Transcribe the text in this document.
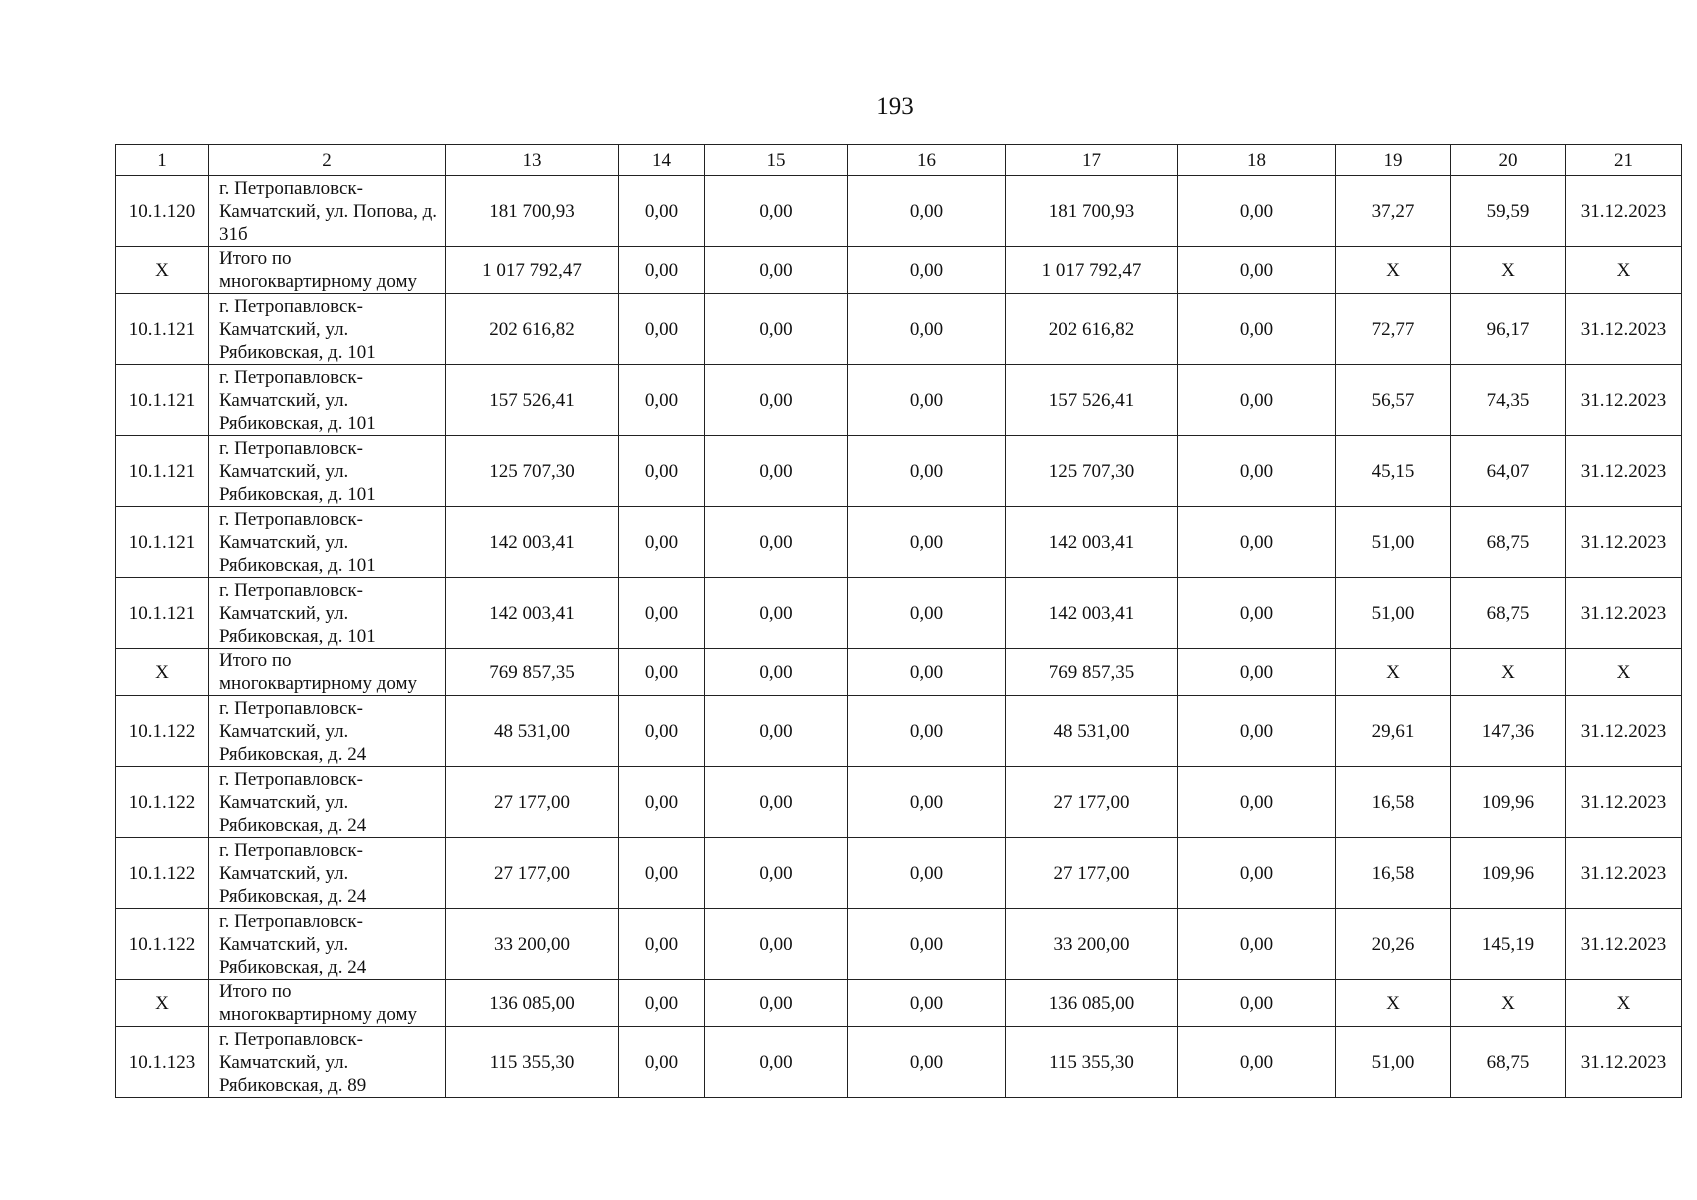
193
1	2	13	14	15	16	17	18	19	20	21
10.1.120	г. Петропавловск-Камчатский, ул. Попова, д. 31б	181 700,93	0,00	0,00	0,00	181 700,93	0,00	37,27	59,59	31.12.2023
X	Итого по многоквартирному дому	1 017 792,47	0,00	0,00	0,00	1 017 792,47	0,00	X	X	X
10.1.121	г. Петропавловск-Камчатский, ул. Рябиковская, д. 101	202 616,82	0,00	0,00	0,00	202 616,82	0,00	72,77	96,17	31.12.2023
10.1.121	г. Петропавловск-Камчатский, ул. Рябиковская, д. 101	157 526,41	0,00	0,00	0,00	157 526,41	0,00	56,57	74,35	31.12.2023
10.1.121	г. Петропавловск-Камчатский, ул. Рябиковская, д. 101	125 707,30	0,00	0,00	0,00	125 707,30	0,00	45,15	64,07	31.12.2023
10.1.121	г. Петропавловск-Камчатский, ул. Рябиковская, д. 101	142 003,41	0,00	0,00	0,00	142 003,41	0,00	51,00	68,75	31.12.2023
10.1.121	г. Петропавловск-Камчатский, ул. Рябиковская, д. 101	142 003,41	0,00	0,00	0,00	142 003,41	0,00	51,00	68,75	31.12.2023
X	Итого по многоквартирному дому	769 857,35	0,00	0,00	0,00	769 857,35	0,00	X	X	X
10.1.122	г. Петропавловск-Камчатский, ул. Рябиковская, д. 24	48 531,00	0,00	0,00	0,00	48 531,00	0,00	29,61	147,36	31.12.2023
10.1.122	г. Петропавловск-Камчатский, ул. Рябиковская, д. 24	27 177,00	0,00	0,00	0,00	27 177,00	0,00	16,58	109,96	31.12.2023
10.1.122	г. Петропавловск-Камчатский, ул. Рябиковская, д. 24	27 177,00	0,00	0,00	0,00	27 177,00	0,00	16,58	109,96	31.12.2023
10.1.122	г. Петропавловск-Камчатский, ул. Рябиковская, д. 24	33 200,00	0,00	0,00	0,00	33 200,00	0,00	20,26	145,19	31.12.2023
X	Итого по многоквартирному дому	136 085,00	0,00	0,00	0,00	136 085,00	0,00	X	X	X
10.1.123	г. Петропавловск-Камчатский, ул. Рябиковская, д. 89	115 355,30	0,00	0,00	0,00	115 355,30	0,00	51,00	68,75	31.12.2023
